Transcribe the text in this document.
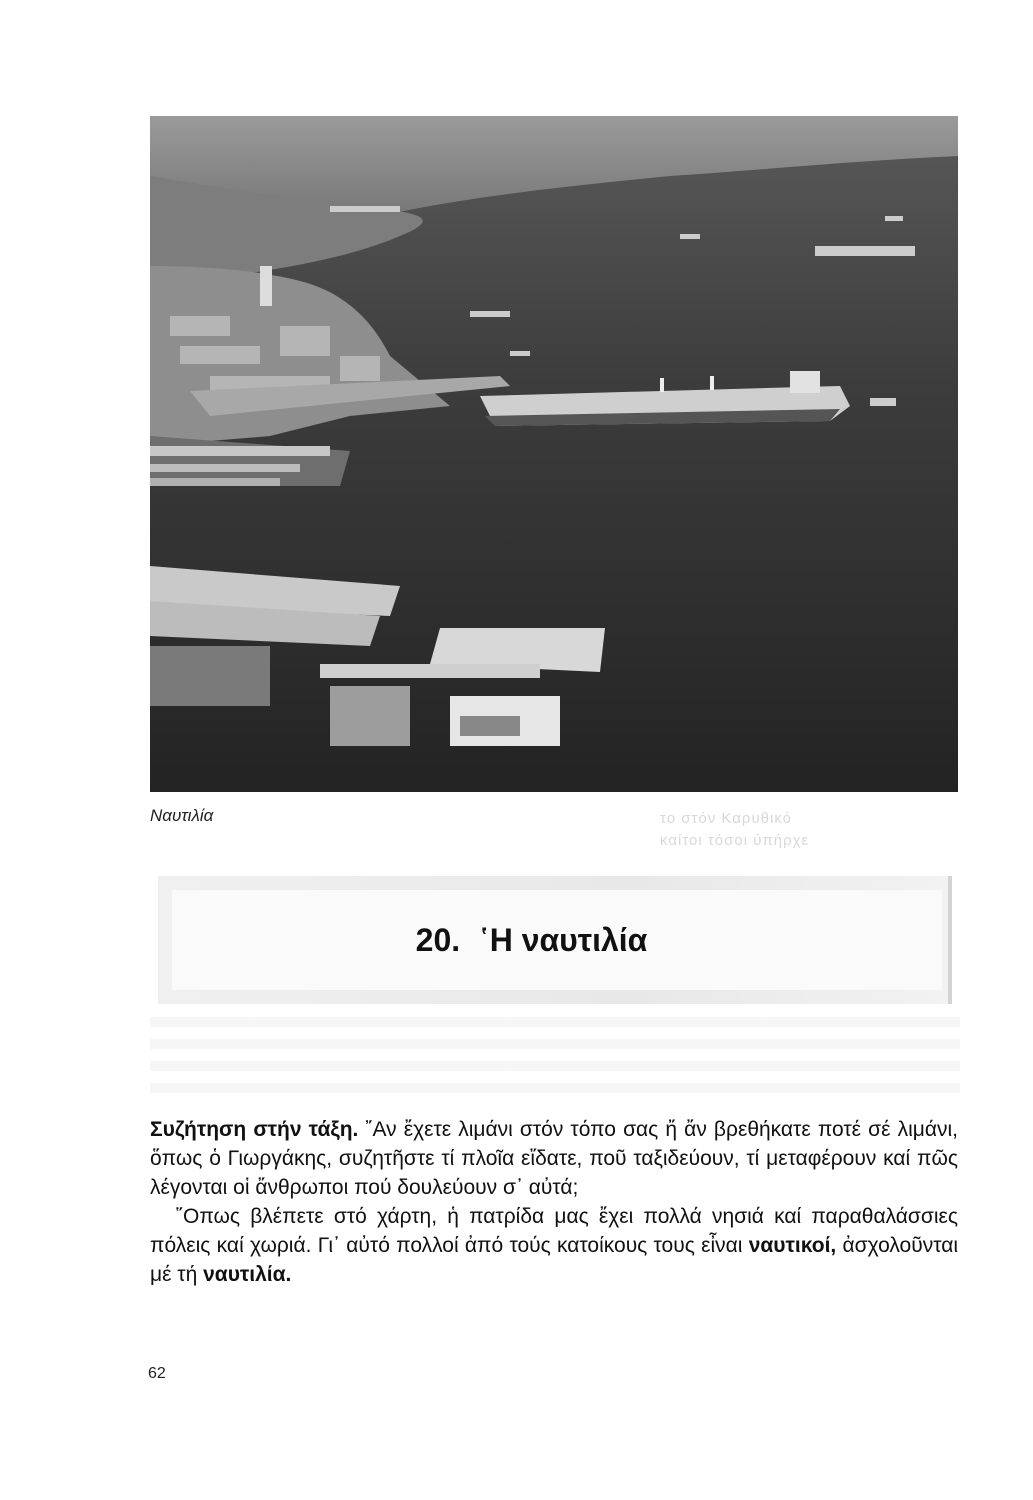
Ναυτιλία	το στόν Καρυθικό
καίτοι τόσοι ύπήρχε
20. ῾Η ναυτιλία

Συζήτηση στήν τάξη. ῎Αν ἔχετε λιμάνι στόν τόπο σας ἤ ἄν βρεθήκατε ποτέ σέ λιμάνι, ὅπως ὁ Γιωργάκης, συζητῆστε τί πλοῖα εἴδατε, ποῦ ταξιδεύουν, τί μεταφέρουν καί πῶς λέγονται οἱ ἄνθρωποι πού δουλεύουν σ᾽ αὐτά;

῞Οπως βλέπετε στό χάρτη, ἡ πατρίδα μας ἔχει πολλά νησιά καί παραθαλάσσιες πόλεις καί χωριά. Γι᾽ αὐτό πολλοί ἀπό τούς κατοίκους τους εἶναι ναυτικοί, ἀσχολοῦνται μέ τή ναυτιλία.

62
